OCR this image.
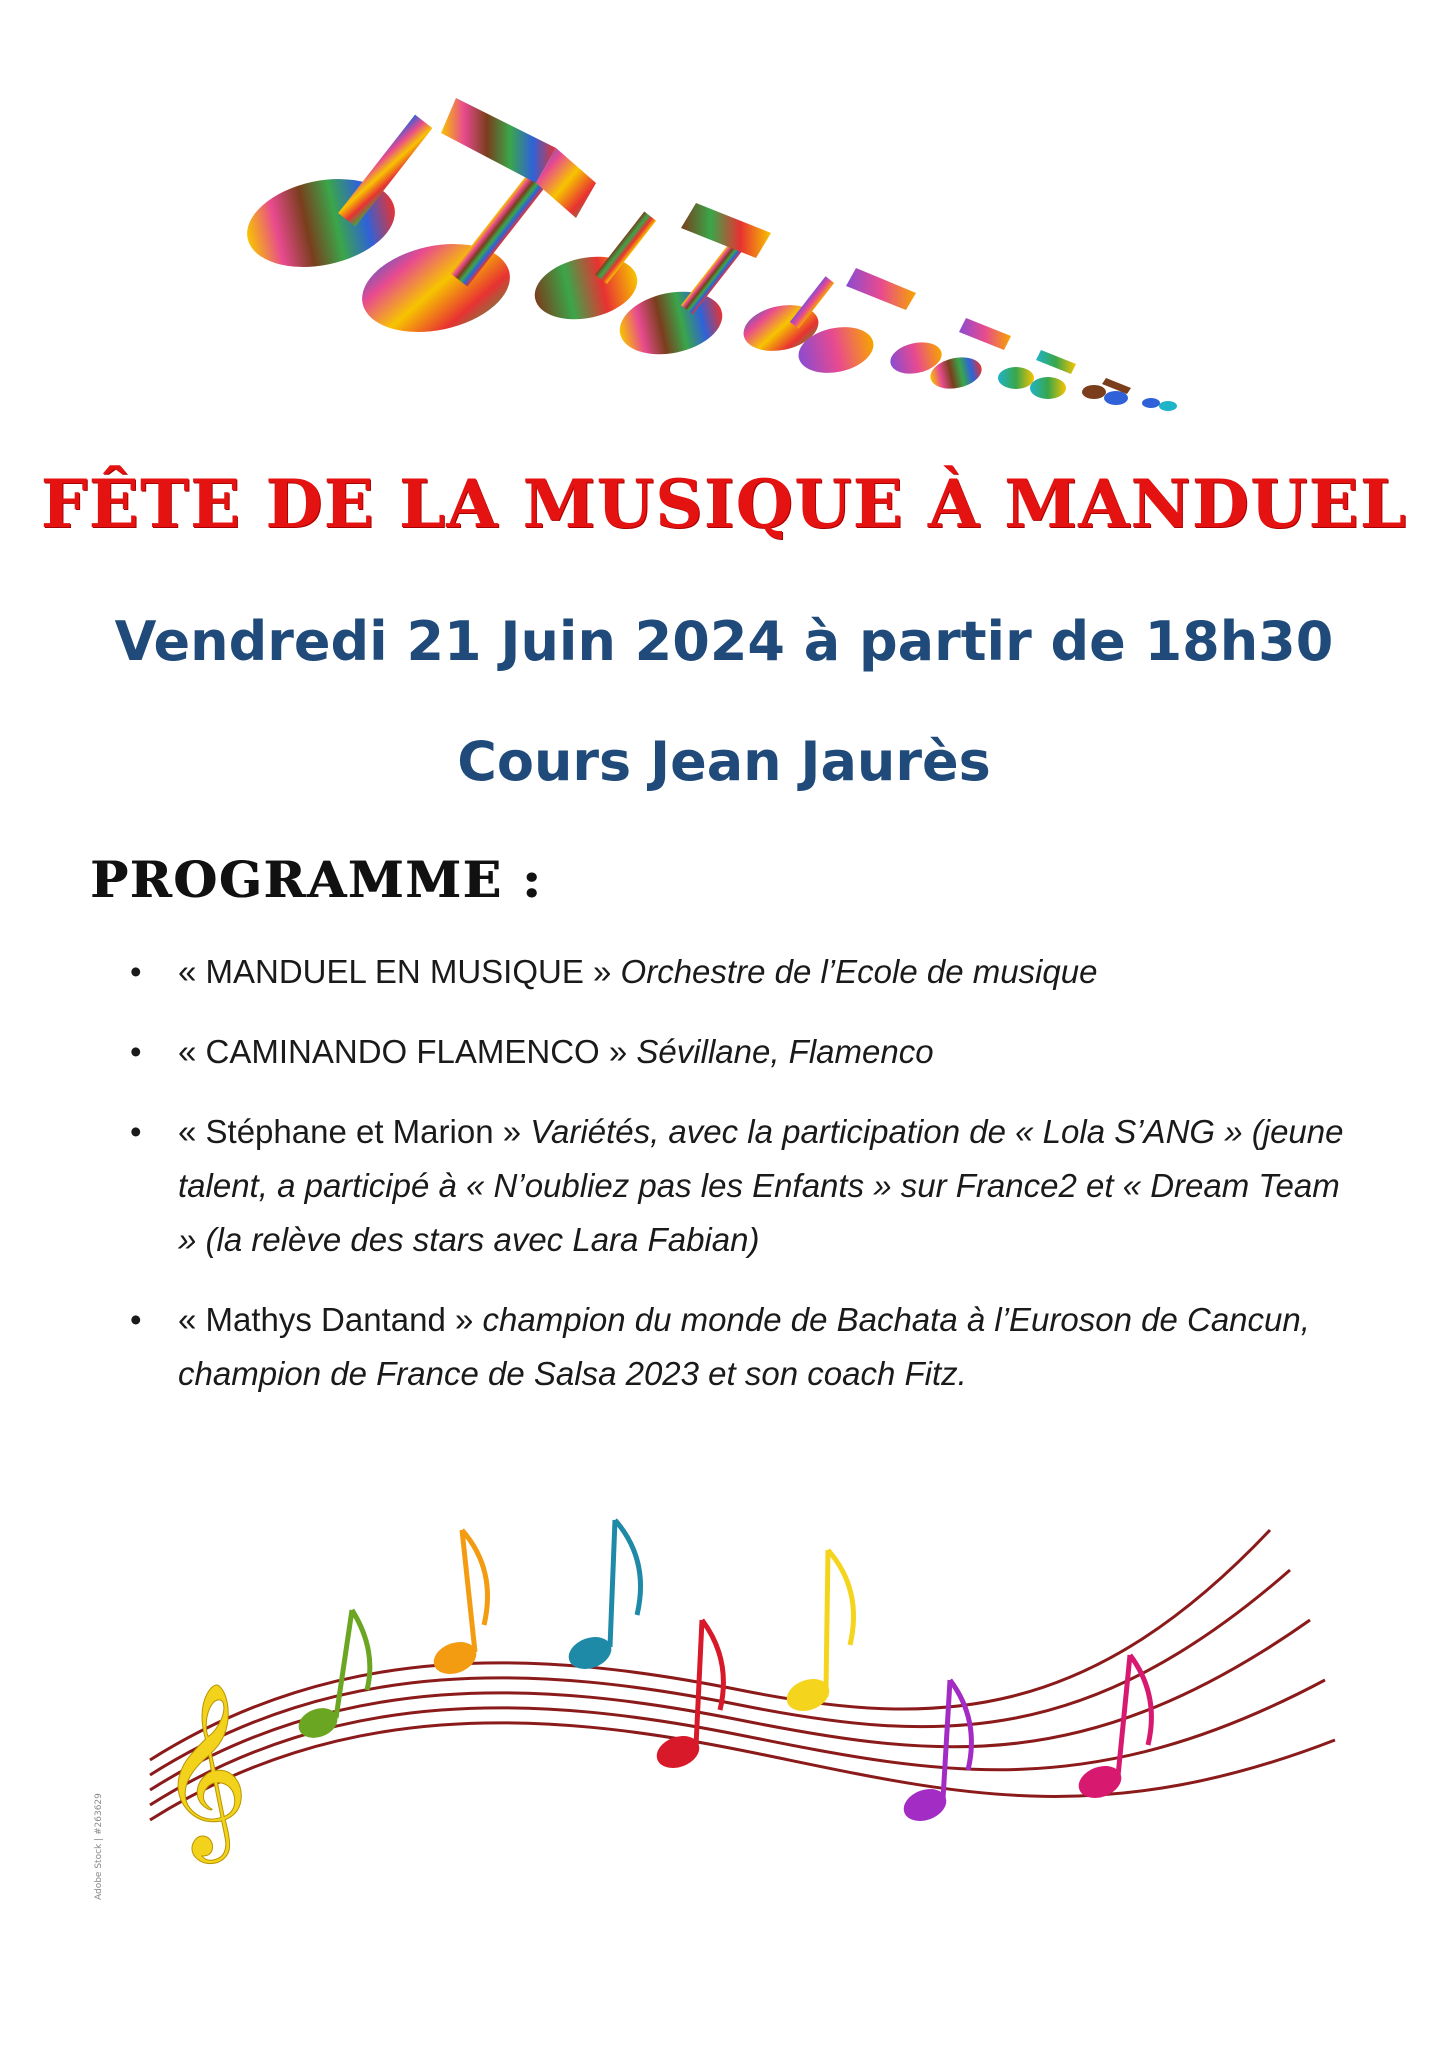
FÊTE DE LA MUSIQUE À MANDUEL
Vendredi 21 Juin 2024 à partir de 18h30
Cours Jean Jaurès
PROGRAMME :
• « MANDUEL EN MUSIQUE » Orchestre de l’Ecole de musique
• « CAMINANDO FLAMENCO » Sévillane, Flamenco
• « Stéphane et Marion » Variétés, avec la participation de « Lola S’ANG » (jeune talent, a participé à « N’oubliez pas les Enfants » sur France2 et « Dream Team » (la relève des stars avec Lara Fabian)
• « Mathys Dantand » champion du monde de Bachata à l’Euroson de Cancun, champion de France de Salsa 2023 et son coach Fitz.
𝄞
Adobe Stock | #263629
